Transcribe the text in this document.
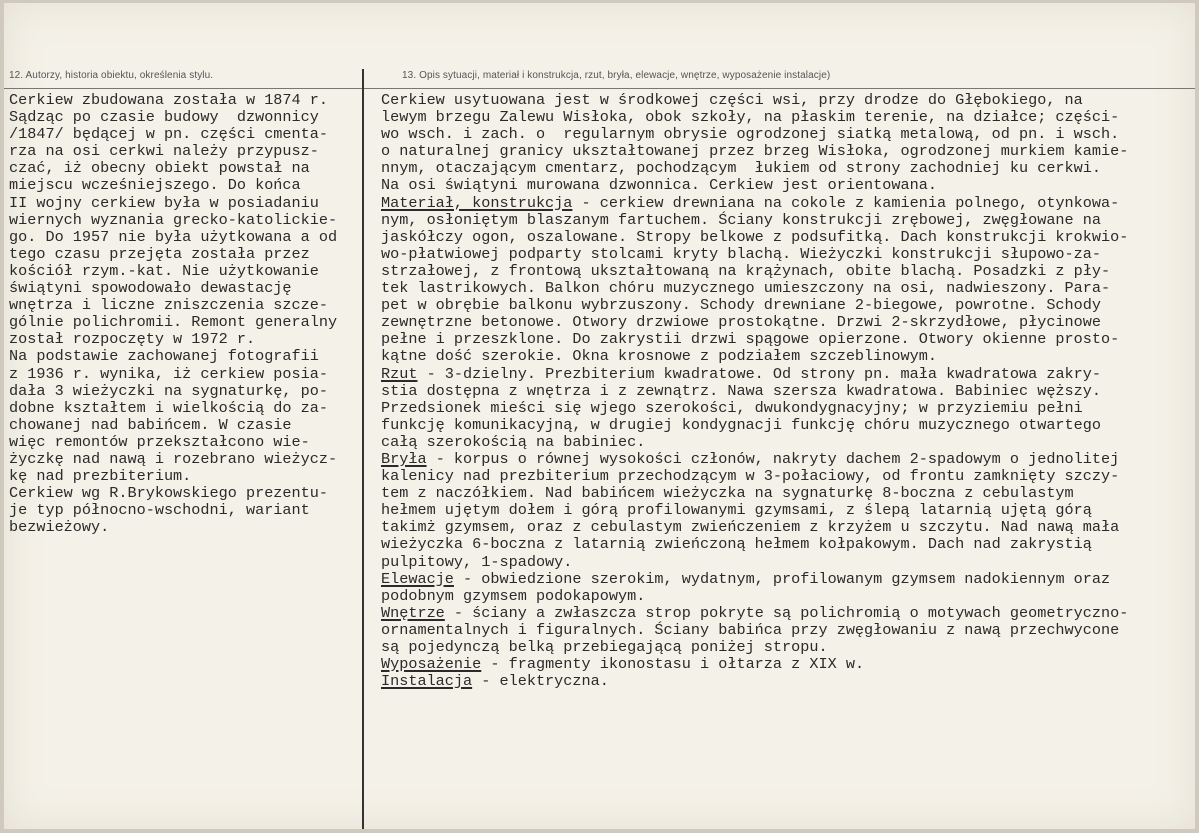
12. Autorzy, historia obiektu, określenia stylu.	13. Opis sytuacji, materiał i konstrukcja, rzut, bryła, elewacje, wnętrze, wyposażenie instalacje)
Cerkiew zbudowana została w 1874 r.
Sądząc po czasie budowy  dzwonnicy
/1847/ będącej w pn. części cmenta-
rza na osi cerkwi należy przypusz-
czać, iż obecny obiekt powstał na
miejscu wcześniejszego. Do końca
II wojny cerkiew była w posiadaniu
wiernych wyznania grecko-katolickie-
go. Do 1957 nie była użytkowana a od
tego czasu przejęta została przez
kościół rzym.-kat. Nie użytkowanie
świątyni spowodowało dewastację
wnętrza i liczne zniszczenia szcze-
gólnie polichromii. Remont generalny
został rozpoczęty w 1972 r.
Na podstawie zachowanej fotografii
z 1936 r. wynika, iż cerkiew posia-
dała 3 wieżyczki na sygnaturkę, po-
dobne kształtem i wielkością do za-
chowanej nad babińcem. W czasie
więc remontów przekształcono wie-
życzkę nad nawą i rozebrano wieżycz-
kę nad prezbiterium.
Cerkiew wg R.Brykowskiego prezentu-
je typ północno-wschodni, wariant
bezwieżowy.
Cerkiew usytuowana jest w środkowej części wsi, przy drodze do Głębokiego, na
lewym brzegu Zalewu Wisłoka, obok szkoły, na płaskim terenie, na działce; części-
wo wsch. i zach. o  regularnym obrysie ogrodzonej siatką metalową, od pn. i wsch.
o naturalnej granicy ukształtowanej przez brzeg Wisłoka, ogrodzonej murkiem kamie-
nnym, otaczającym cmentarz, pochodzącym  łukiem od strony zachodniej ku cerkwi.
Na osi świątyni murowana dzwonnica. Cerkiew jest orientowana.
Materiał, konstrukcja - cerkiew drewniana na cokole z kamienia polnego, otynkowa-
nym, osłoniętym blaszanym fartuchem. Ściany konstrukcji zrębowej, zwęgłowane na
jaskółczy ogon, oszalowane. Stropy belkowe z podsufitką. Dach konstrukcji krokwio-
wo-płatwiowej podparty stolcami kryty blachą. Wieżyczki konstrukcji słupowo-za-
strzałowej, z frontową ukształtowaną na krążynach, obite blachą. Posadzki z pły-
tek lastrikowych. Balkon chóru muzycznego umieszczony na osi, nadwieszony. Para-
pet w obrębie balkonu wybrzuszony. Schody drewniane 2-biegowe, powrotne. Schody
zewnętrzne betonowe. Otwory drzwiowe prostokątne. Drzwi 2-skrzydłowe, płycinowe
pełne i przeszklone. Do zakrystii drzwi spągowe opierzone. Otwory okienne prosto-
kątne dość szerokie. Okna krosnowe z podziałem szczeblinowym.
Rzut - 3-dzielny. Prezbiterium kwadratowe. Od strony pn. mała kwadratowa zakry-
stia dostępna z wnętrza i z zewnątrz. Nawa szersza kwadratowa. Babiniec węższy.
Przedsionek mieści się wjego szerokości, dwukondygnacyjny; w przyziemiu pełni
funkcję komunikacyjną, w drugiej kondygnacji funkcję chóru muzycznego otwartego
całą szerokością na babiniec.
Bryła - korpus o równej wysokości członów, nakryty dachem 2-spadowym o jednolitej
kalenicy nad prezbiterium przechodzącym w 3-połaciowy, od frontu zamknięty szczy-
tem z naczółkiem. Nad babińcem wieżyczka na sygnaturkę 8-boczna z cebulastym
hełmem ujętym dołem i górą profilowanymi gzymsami, z ślepą latarnią ujętą górą
takimż gzymsem, oraz z cebulastym zwieńczeniem z krzyżem u szczytu. Nad nawą mała
wieżyczka 6-boczna z latarnią zwieńczoną hełmem kołpakowym. Dach nad zakrystią
pulpitowy, 1-spadowy.
Elewacje - obwiedzione szerokim, wydatnym, profilowanym gzymsem nadokiennym oraz
podobnym gzymsem podokapowym.
Wnętrze - ściany a zwłaszcza strop pokryte są polichromią o motywach geometryczno-
ornamentalnych i figuralnych. Ściany babińca przy zwęgłowaniu z nawą przechwycone
są pojedynczą belką przebiegającą poniżej stropu.
Wyposażenie - fragmenty ikonostasu i ołtarza z XIX w.
Instalacja - elektryczna.
